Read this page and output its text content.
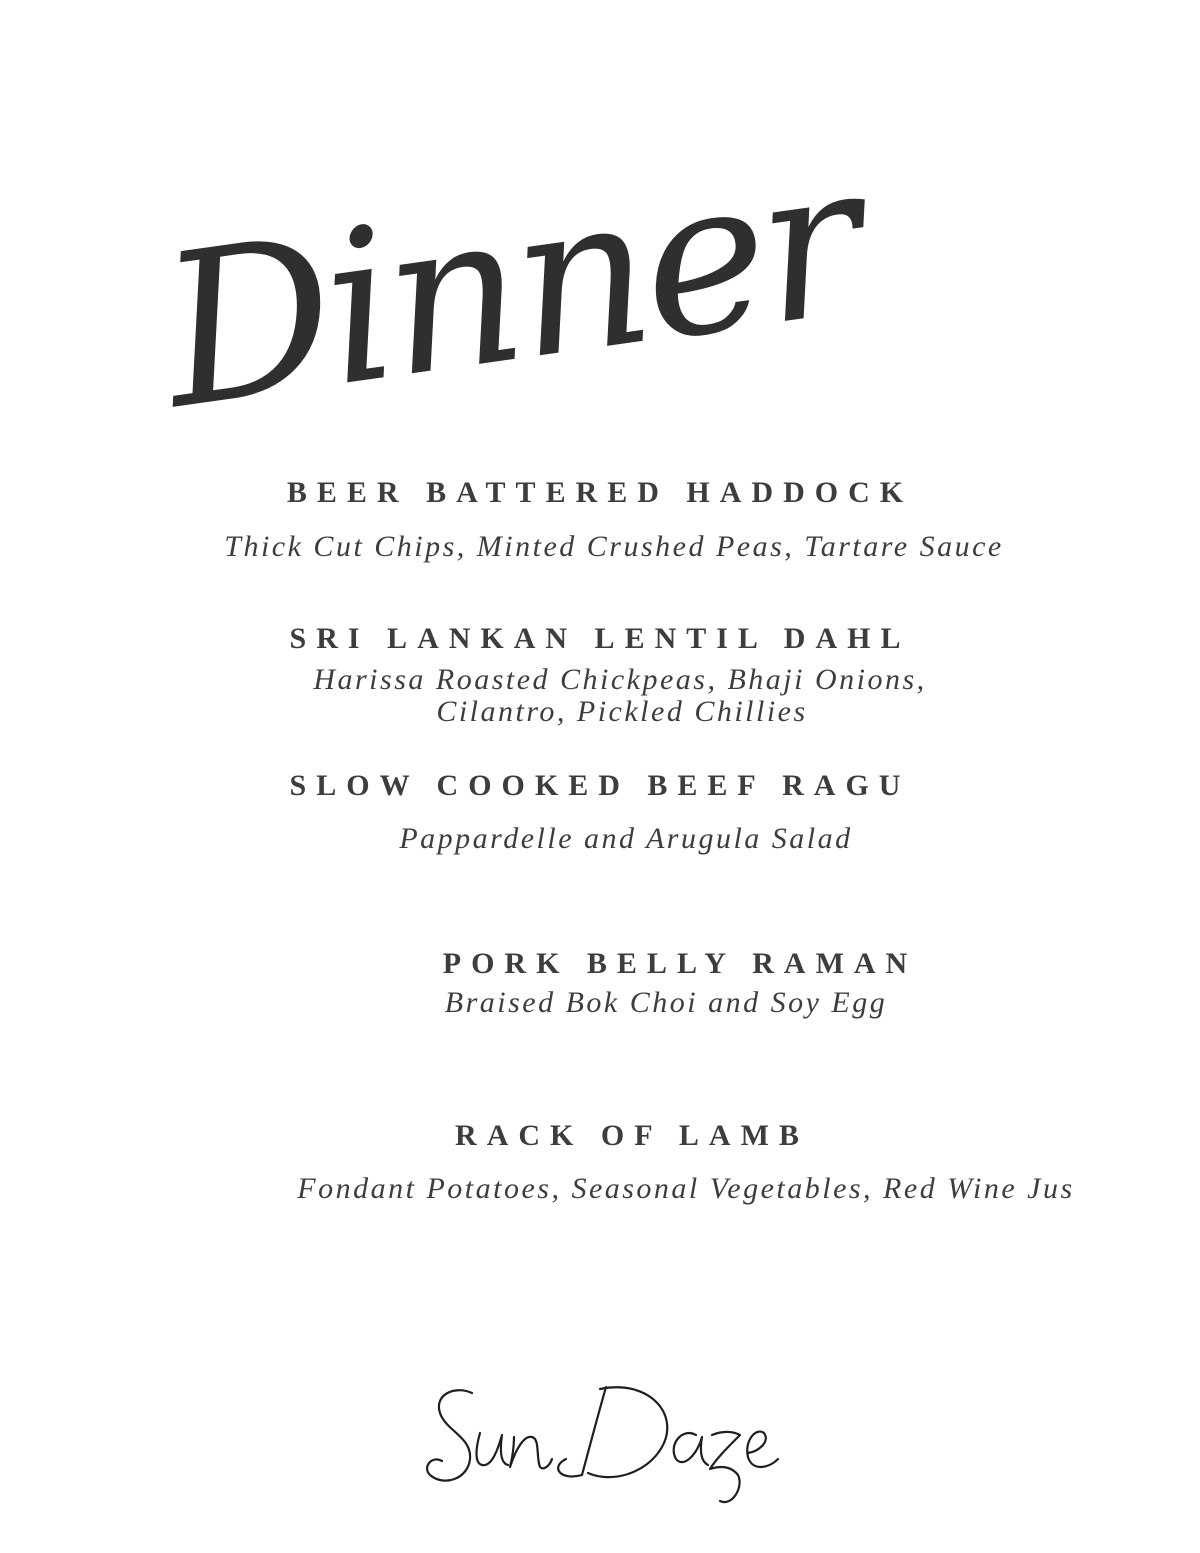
Dinner
BEER BATTERED HADDOCK

Thick Cut Chips, Minted Crushed Peas, Tartare Sauce

SRI LANKAN LENTIL DAHL

Harissa Roasted Chickpeas, Bhaji Onions,

Cilantro, Pickled Chillies

SLOW COOKED BEEF RAGU

Pappardelle and Arugula Salad

PORK BELLY RAMAN

Braised Bok Choi and Soy Egg

RACK OF LAMB

Fondant Potatoes, Seasonal Vegetables, Red Wine Jus
